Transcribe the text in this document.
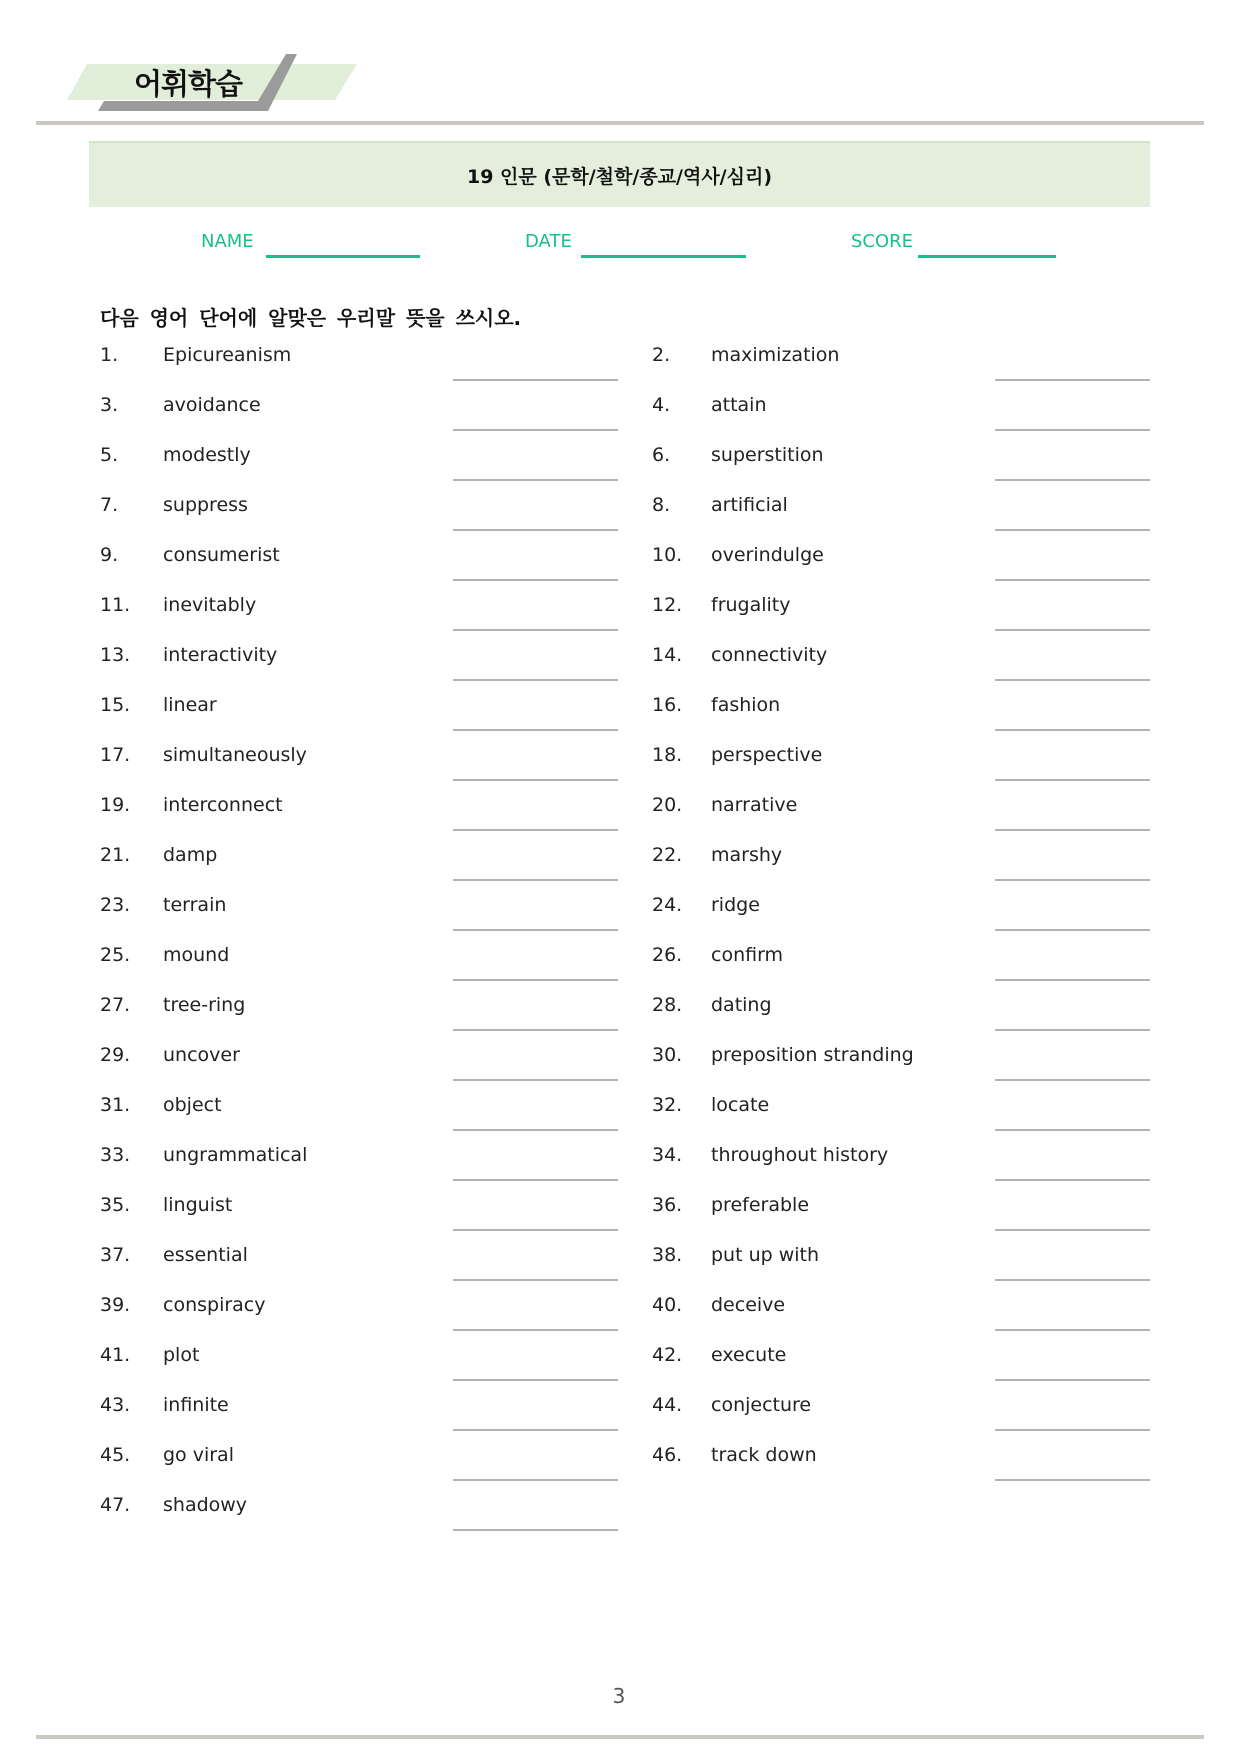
어휘학습
19 인문 (문학/철학/종교/역사/심리)
NAME	DATE	SCORE
다음 영어 단어에 알맞은 우리말 뜻을 쓰시오.
1. Epicureanism	2. maximization
3. avoidance	4. attain
5. modestly	6. superstition
7. suppress	8. artificial
9. consumerist	10. overindulge
11. inevitably	12. frugality
13. interactivity	14. connectivity
15. linear	16. fashion
17. simultaneously	18. perspective
19. interconnect	20. narrative
21. damp	22. marshy
23. terrain	24. ridge
25. mound	26. confirm
27. tree-ring	28. dating
29. uncover	30. preposition stranding
31. object	32. locate
33. ungrammatical	34. throughout history
35. linguist	36. preferable
37. essential	38. put up with
39. conspiracy	40. deceive
41. plot	42. execute
43. infinite	44. conjecture
45. go viral	46. track down
47. shadowy
3
